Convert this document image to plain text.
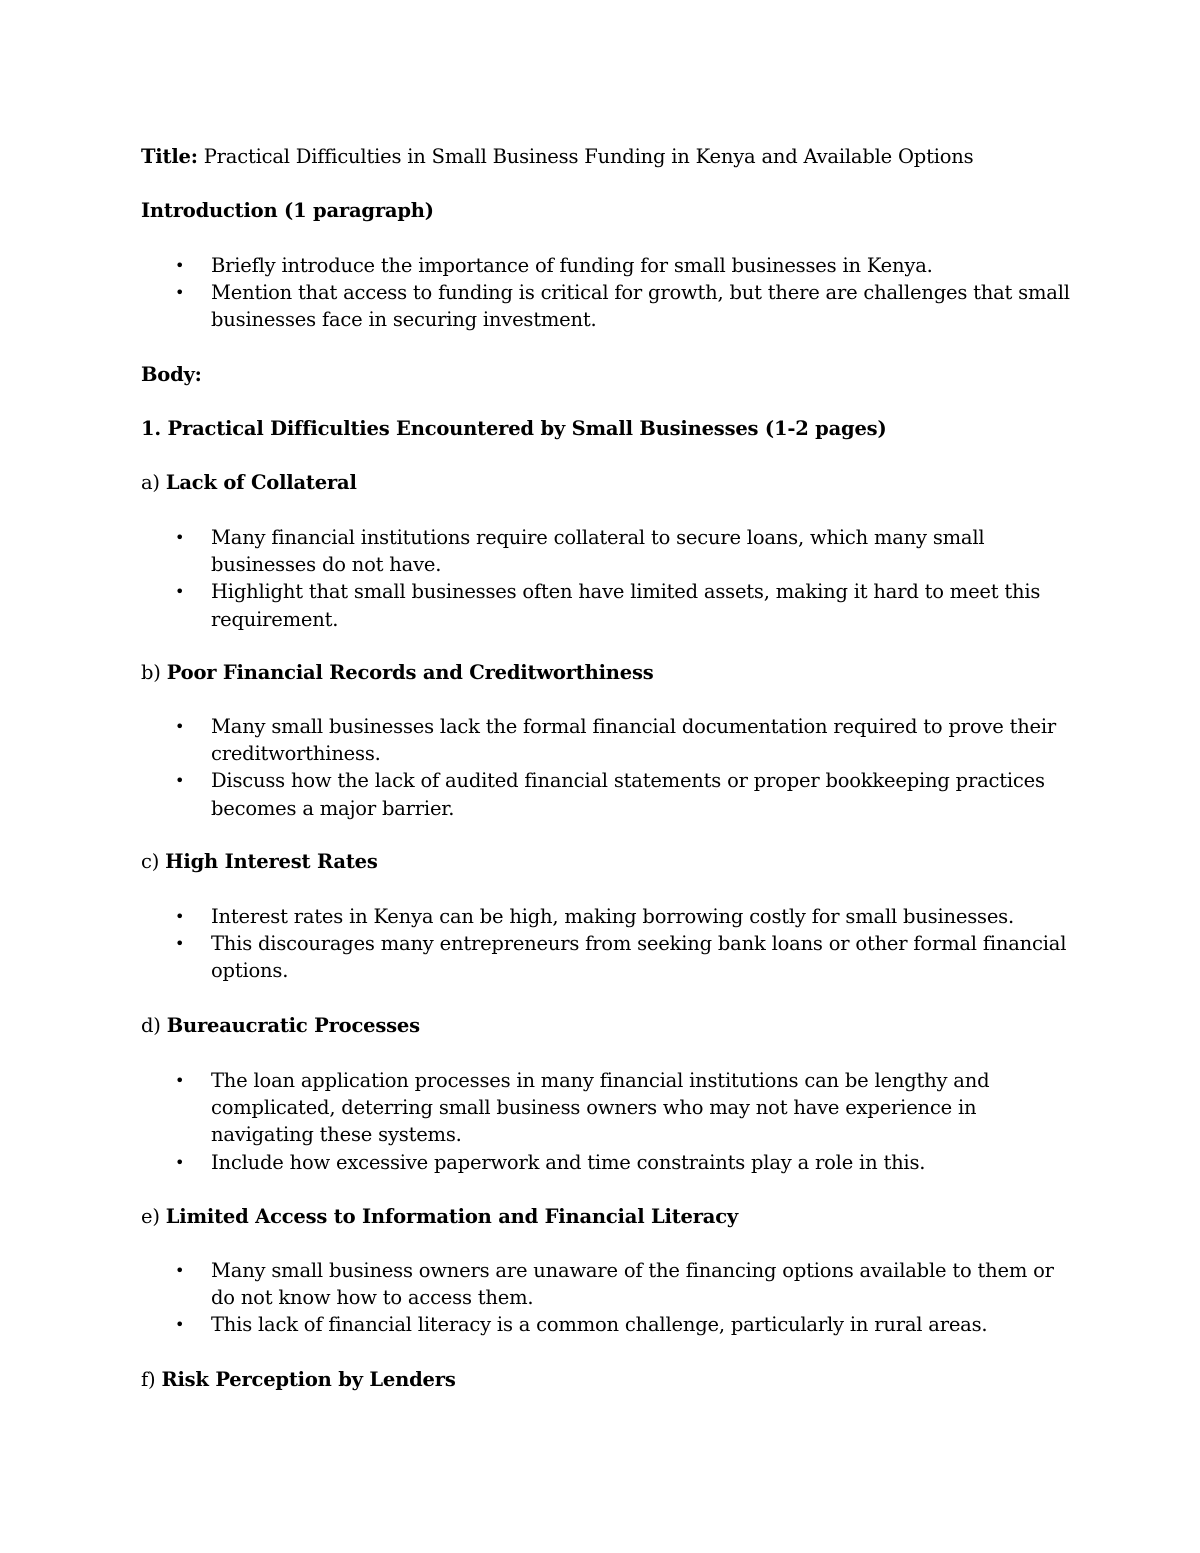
Title: Practical Difficulties in Small Business Funding in Kenya and Available Options
Introduction (1 paragraph)
• Briefly introduce the importance of funding for small businesses in Kenya.
• Mention that access to funding is critical for growth, but there are challenges that small businesses face in securing investment.
Body:
1. Practical Difficulties Encountered by Small Businesses (1-2 pages)
a) Lack of Collateral
• Many financial institutions require collateral to secure loans, which many small businesses do not have.
• Highlight that small businesses often have limited assets, making it hard to meet this requirement.
b) Poor Financial Records and Creditworthiness
• Many small businesses lack the formal financial documentation required to prove their creditworthiness.
• Discuss how the lack of audited financial statements or proper bookkeeping practices becomes a major barrier.
c) High Interest Rates
• Interest rates in Kenya can be high, making borrowing costly for small businesses.
• This discourages many entrepreneurs from seeking bank loans or other formal financial options.
d) Bureaucratic Processes
• The loan application processes in many financial institutions can be lengthy and complicated, deterring small business owners who may not have experience in navigating these systems.
• Include how excessive paperwork and time constraints play a role in this.
e) Limited Access to Information and Financial Literacy
• Many small business owners are unaware of the financing options available to them or do not know how to access them.
• This lack of financial literacy is a common challenge, particularly in rural areas.
f) Risk Perception by Lenders
